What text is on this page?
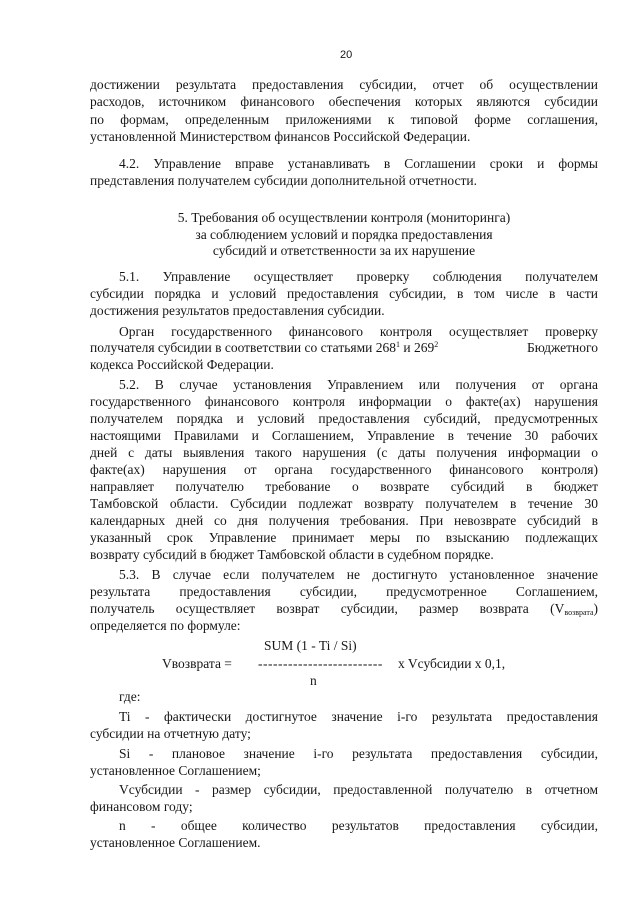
20
достижении результата предоставления субсидии, отчет об осуществлении
расходов, источником финансового обеспечения которых являются субсидии
по формам, определенным приложениями к типовой форме соглашения,
установленной Министерством финансов Российской Федерации.
4.2. Управление вправе устанавливать в Соглашении сроки и формы
представления получателем субсидии дополнительной отчетности.
5. Требования об осуществлении контроля (мониторинга)
за соблюдением условий и порядка предоставления
субсидий и ответственности за их нарушение
5.1. Управление осуществляет проверку соблюдения получателем
субсидии порядка и условий предоставления субсидии, в том числе в части
достижения результатов предоставления субсидии.
Орган государственного финансового контроля осуществляет проверку
получателя субсидии в соответствии со статьями $268^1$ и $269^2$	Бюджетного
кодекса Российской Федерации.
5.2. В случае установления Управлением или получения от органа
государственного финансового контроля информации о факте(ах) нарушения
получателем порядка и условий предоставления субсидий, предусмотренных
настоящими Правилами и Соглашением, Управление в течение 30 рабочих
дней с даты выявления такого нарушения (с даты получения информации о
факте(ах) нарушения от органа государственного финансового контроля)
направляет получателю требование о возврате субсидий в бюджет
Тамбовской области. Субсидии подлежат возврату получателем в течение 30
календарных дней со дня получения требования. При невозврате субсидий в
указанный срок Управление принимает меры по взысканию подлежащих
возврату субсидий в бюджет Тамбовской области в судебном порядке.
5.3. В случае если получателем не достигнуто установленное значение
результата предоставления субсидии, предусмотренное Соглашением,
получатель осуществляет возврат субсидии, размер возврата $(V_{возврата})$
определяется по формуле:
SUM (1 - Ti / Si)
Vвозврата = ------------------------- x Vсубсидии x 0,1,
n
где:
Ti - фактически достигнутое значение i-го результата предоставления
субсидии на отчетную дату;
Si - плановое значение i-го результата предоставления субсидии,
установленное Соглашением;
Vсубсидии - размер субсидии, предоставленной получателю в отчетном
финансовом году;
n - общее количество результатов предоставления субсидии,
установленное Соглашением.
